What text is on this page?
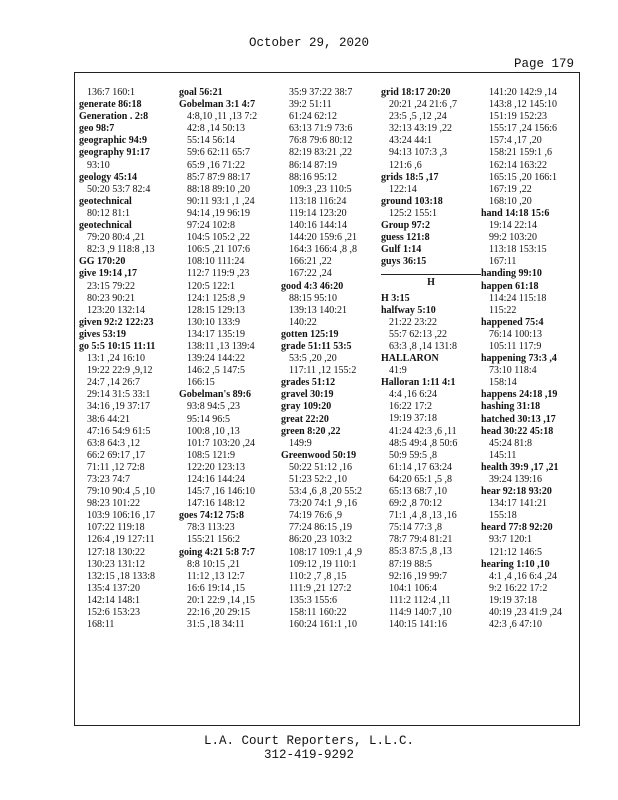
October 29, 2020
Page 179
136:7 160:1
generate 86:18
Generation . 2:8
geo 98:7
geographic 94:9
geography 91:17
93:10
geology 45:14
50:20 53:7 82:4
geotechnical
80:12 81:1
geotechnical
79:20 80:4 ,21
82:3 ,9 118:8 ,13
GG 170:20
give 19:14 ,17
23:15 79:22
80:23 90:21
123:20 132:14
given 92:2 122:23
gives 53:19
go 5:5 10:15 11:11
13:1 ,24 16:10
19:22 22:9 ,9,12
24:7 ,14 26:7
29:14 31:5 33:1
34:16 ,19 37:17
38:6 44:21
47:16 54:9 61:5
63:8 64:3 ,12
66:2 69:17 ,17
71:11 ,12 72:8
73:23 74:7
79:10 90:4 ,5 ,10
98:23 101:22
103:9 106:16 ,17
107:22 119:18
126:4 ,19 127:11
127:18 130:22
130:23 131:12
132:15 ,18 133:8
135:4 137:20
142:14 148:1
152:6 153:23
168:11
goal 56:21
Gobelman 3:1 4:7
4:8,10 ,11 ,13 7:2
42:8 ,14 50:13
55:14 56:14
59:6 62:11 65:7
65:9 ,16 71:22
85:7 87:9 88:17
88:18 89:10 ,20
90:11 93:1 ,1 ,24
94:14 ,19 96:19
97:24 102:8
104:5 105:2 ,22
106:5 ,21 107:6
108:10 111:24
112:7 119:9 ,23
120:5 122:1
124:1 125:8 ,9
128:15 129:13
130:10 133:9
134:17 135:19
138:11 ,13 139:4
139:24 144:22
146:2 ,5 147:5
166:15
Gobelman's 89:6
93:8 94:5 ,23
95:14 96:5
100:8 ,10 ,13
101:7 103:20 ,24
108:5 121:9
122:20 123:13
124:16 144:24
145:7 ,16 146:10
147:16 148:12
goes 74:12 75:8
78:3 113:23
155:21 156:2
going 4:21 5:8 7:7
8:8 10:15 ,21
11:12 ,13 12:7
16:6 19:14 ,15
20:1 22:9 ,14 ,15
22:16 ,20 29:15
31:5 ,18 34:11
35:9 37:22 38:7
39:2 51:11
61:24 62:12
63:13 71:9 73:6
76:8 79:6 80:12
82:19 83:21 ,22
86:14 87:19
88:16 95:12
109:3 ,23 110:5
113:18 116:24
119:14 123:20
140:16 144:14
144:20 159:6 ,21
164:3 166:4 ,8 ,8
166:21 ,22
167:22 ,24
good 4:3 46:20
88:15 95:10
139:13 140:21
140:22
gotten 125:19
grade 51:11 53:5
53:5 ,20 ,20
117:11 ,12 155:2
grades 51:12
gravel 30:19
gray 109:20
great 22:20
green 8:20 ,22
149:9
Greenwood 50:19
50:22 51:12 ,16
51:23 52:2 ,10
53:4 ,6 ,8 ,20 55:2
73:20 74:1 ,9 ,16
74:19 76:6 ,9
77:24 86:15 ,19
86:20 ,23 103:2
108:17 109:1 ,4 ,9
109:12 ,19 110:1
110:2 ,7 ,8 ,15
111:9 ,21 127:2
135:3 155:6
158:11 160:22
160:24 161:1 ,10
grid 18:17 20:20
20:21 ,24 21:6 ,7
23:5 ,5 ,12 ,24
32:13 43:19 ,22
43:24 44:1
94:13 107:3 ,3
121:6 ,6
grids 18:5 ,17
122:14
ground 103:18
125:2 155:1
Group 97:2
guess 121:8
Gulf 1:14
guys 36:15
H
H 3:15
halfway 5:10
21:22 23:22
55:7 62:13 ,22
63:3 ,8 ,14 131:8
HALLARON
41:9
Halloran 1:11 4:1
4:4 ,16 6:24
16:22 17:2
19:19 37:18
41:24 42:3 ,6 ,11
48:5 49:4 ,8 50:6
50:9 59:5 ,8
61:14 ,17 63:24
64:20 65:1 ,5 ,8
65:13 68:7 ,10
69:2 ,8 70:12
71:1 ,4 ,8 ,13 ,16
75:14 77:3 ,8
78:7 79:4 81:21
85:3 87:5 ,8 ,13
87:19 88:5
92:16 ,19 99:7
104:1 106:4
111:2 112:4 ,11
114:9 140:7 ,10
140:15 141:16
141:20 142:9 ,14
143:8 ,12 145:10
151:19 152:23
155:17 ,24 156:6
157:4 ,17 ,20
158:21 159:1 ,6
162:14 163:22
165:15 ,20 166:1
167:19 ,22
168:10 ,20
hand 14:18 15:6
19:14 22:14
99:2 103:20
113:18 153:15
167:11
handing 99:10
happen 61:18
114:24 115:18
115:22
happened 75:4
76:14 100:13
105:11 117:9
happening 73:3 ,4
73:10 118:4
158:14
happens 24:18 ,19
hashing 31:18
hatched 30:13 ,17
head 30:22 45:18
45:24 81:8
145:11
health 39:9 ,17 ,21
39:24 139:16
hear 92:18 93:20
134:17 141:21
155:18
heard 77:8 92:20
93:7 120:1
121:12 146:5
hearing 1:10 ,10
4:1 ,4 ,16 6:4 ,24
9:2 16:22 17:2
19:19 37:18
40:19 ,23 41:9 ,24
42:3 ,6 47:10
L.A. Court Reporters, L.L.C.
312-419-9292
